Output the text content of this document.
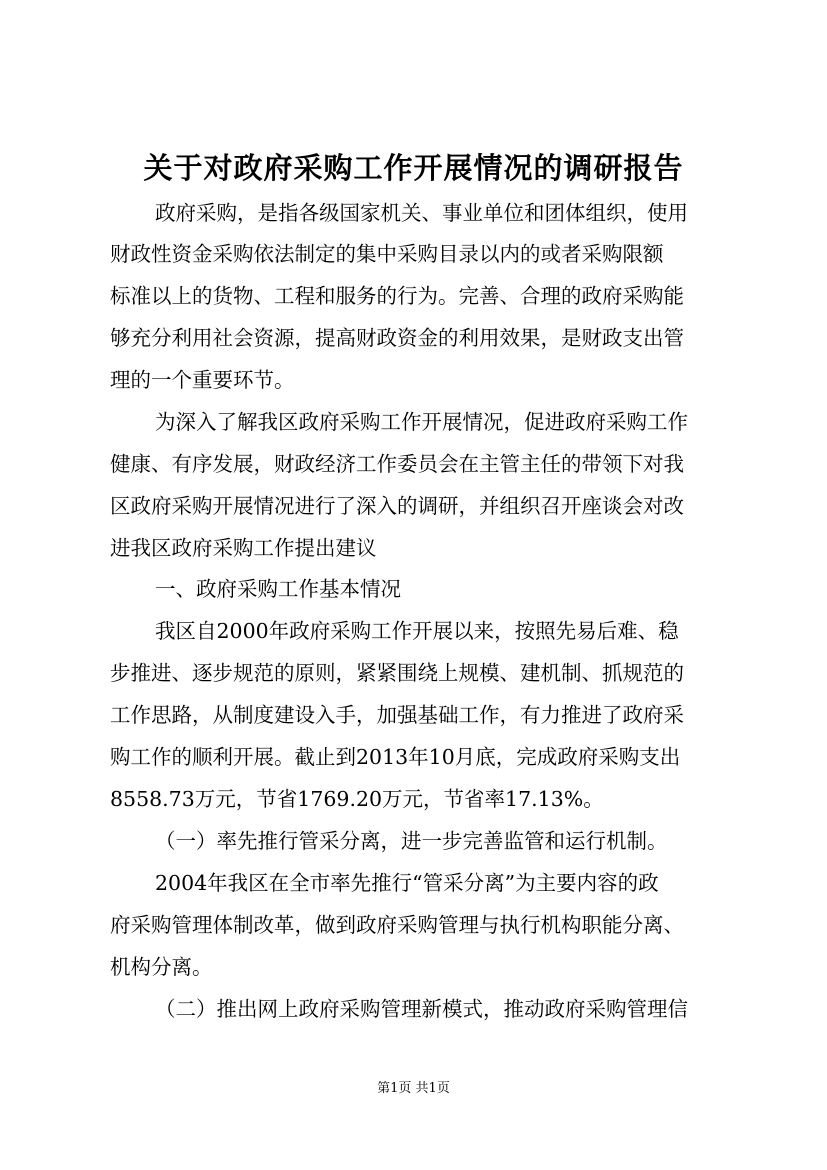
关于对政府采购工作开展情况的调研报告
政府采购，是指各级国家机关、事业单位和团体组织，使用
财政性资金采购依法制定的集中采购目录以内的或者采购限额
标准以上的货物、工程和服务的行为。完善、合理的政府采购能
够充分利用社会资源，提高财政资金的利用效果，是财政支出管
理的一个重要环节。
为深入了解我区政府采购工作开展情况，促进政府采购工作
健康、有序发展，财政经济工作委员会在主管主任的带领下对我
区政府采购开展情况进行了深入的调研，并组织召开座谈会对改
进我区政府采购工作提出建议
一、政府采购工作基本情况
我区自2000年政府采购工作开展以来，按照先易后难、稳
步推进、逐步规范的原则，紧紧围绕上规模、建机制、抓规范的
工作思路，从制度建设入手，加强基础工作，有力推进了政府采
购工作的顺利开展。截止到2013年10月底，完成政府采购支出
8558.73万元，节省1769.20万元，节省率17.13%。
（一）率先推行管采分离，进一步完善监管和运行机制。
2004年我区在全市率先推行“管采分离”为主要内容的政
府采购管理体制改革，做到政府采购管理与执行机构职能分离、
机构分离。
（二）推出网上政府采购管理新模式，推动政府采购管理信
第1页 共1页
